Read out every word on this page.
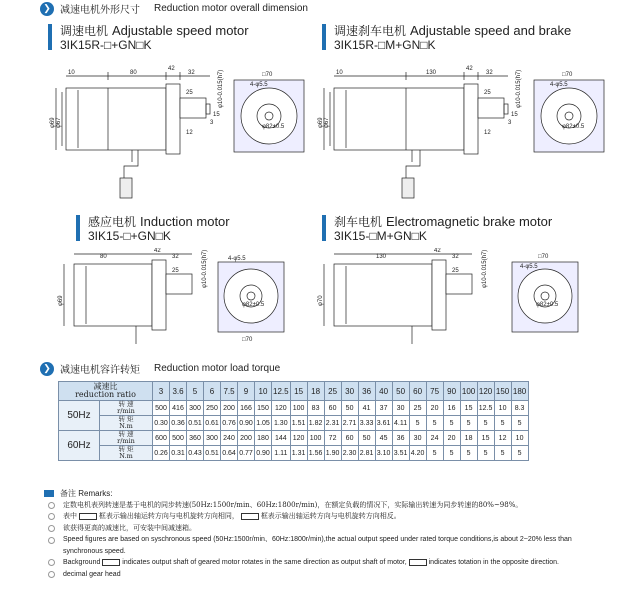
❯ 减速电机外形尺寸 Reduction motor overall dimension
调速电机 Adjustable speed motor
3IK15R-□+GN□K
调速刹车电机 Adjustable speed and brake
3IK15R-□M+GN□K
感应电机 Induction motor
3IK15-□+GN□K
刹车电机 Electromagnetic brake motor
3IK15-□M+GN□K
10	80
42
32
25
12
3
15
φ10-0.015(h7)
φ69 φ67
□70
4-φ5.5
φ82±0.5
10	130
42
32
25
12
3
15
φ10-0.015(h7)
φ69 φ67
□70
4-φ5.5
φ82±0.5
80
42
32
25	φ10-0.015(h7)
φ69
4-φ5.5
φ82±0.5
□70
130
42
32
25	φ10-0.015(h7)
φ70
□70
4-φ5.5
φ82±0.5
❯ 减速电机容许转矩 Reduction motor load torque
减速比
reduction ratio		3	3.6	5	6	7.5	9	10	12.5	15	18	25	30	36	40	50	60	75	90	100	120	150	180
50Hz	转 速
r/min	500	416	300	250	200	166	150	120	100	83	60	50	41	37	30	25	20	16	15	12.5	10	8.3

	转 矩
N.m	0.30	0.36	0.51	0.61	0.76	0.90	1.05	1.30	1.51	1.82	2.31	2.71	3.33	3.61	4.11	5	5	5	5	5	5	5
60Hz	转 速
r/min	600	500	360	300	240	200	180	144	120	100	72	60	50	45	36	30	24	20	18	15	12	10

	转 矩
N.m	0.26	0.31	0.43	0.51	0.64	0.77	0.90	1.11	1.31	1.56	1.90	2.30	2.81	3.10	3.51	4.20	5	5	5	5	5	5
备注
Remarks:
定数电机表列转速是基于电机的同步转速(50Hz:1500r/min、60Hz:1800r/min)，在额定负载的情况下，实际输出转速为同步转速的80%~98%。
表中

	框表示输出轴运转方向与电机旋转方向相同，

	框表示输出轴运转方向与电机旋转方向相反。
欲获得更高的减速比，可安装中间减速箱。
Speed figures are based on syschronous speed (50Hz:1500r/min、60Hz:1800r/min),the actual output speed under rated torque conditions,is about 2~20% less than synchronous speed.
Background

	indicates output shaft of geared motor rotates in the same direction as output shaft of motor,

	indicates totation in the opposite direction.
decimal gear head
